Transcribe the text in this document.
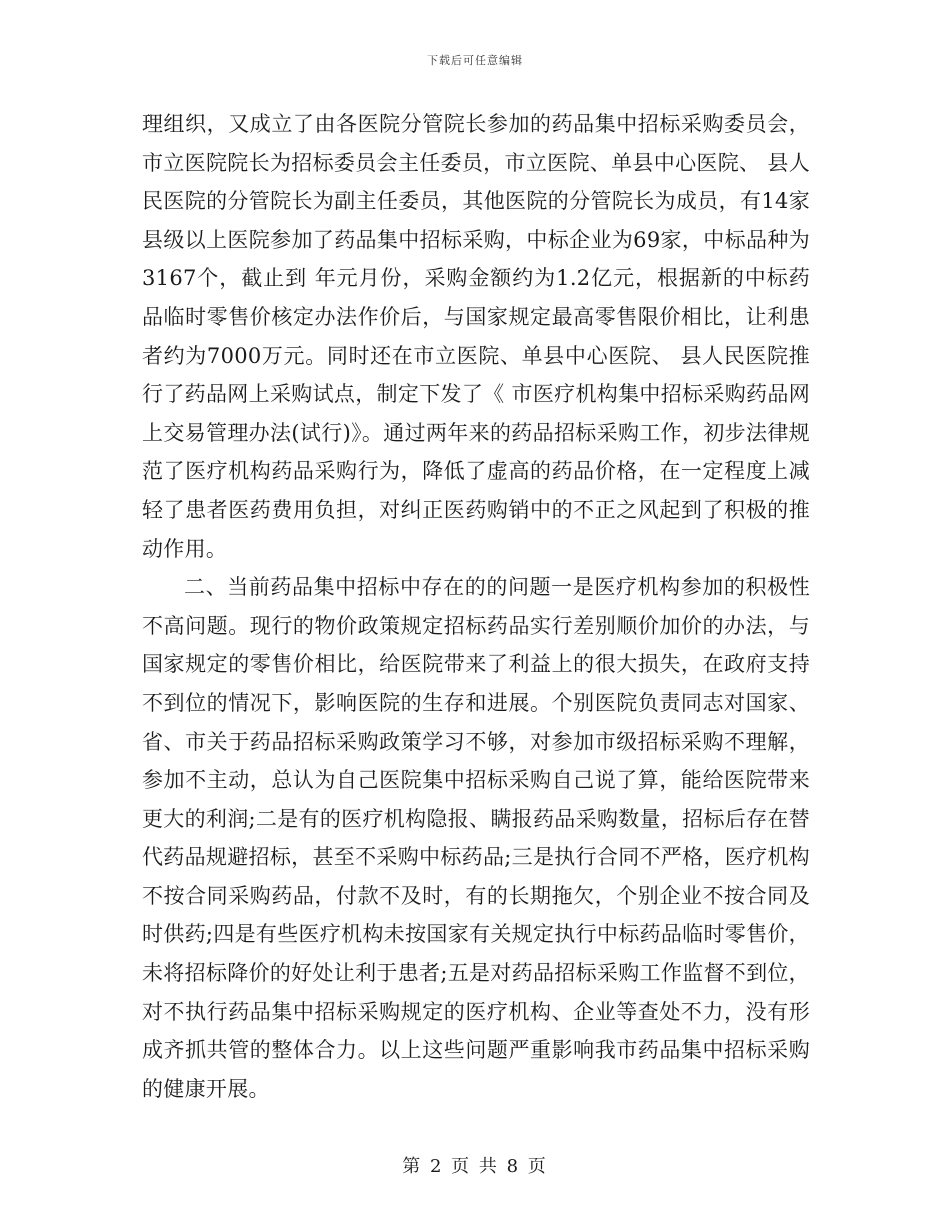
下载后可任意编辑

理组织，又成立了由各医院分管院长参加的药品集中招标采购委员会，市立医院院长为招标委员会主任委员，市立医院、单县中心医院、 县人民医院的分管院长为副主任委员，其他医院的分管院长为成员，有14家县级以上医院参加了药品集中招标采购，中标企业为69家，中标品种为3167个，截止到 年元月份，采购金额约为1.2亿元，根据新的中标药品临时零售价核定办法作价后，与国家规定最高零售限价相比，让利患者约为7000万元。同时还在市立医院、单县中心医院、 县人民医院推行了药品网上采购试点，制定下发了《 市医疗机构集中招标采购药品网上交易管理办法(试行)》。通过两年来的药品招标采购工作，初步法律规范了医疗机构药品采购行为，降低了虚高的药品价格，在一定程度上减轻了患者医药费用负担，对纠正医药购销中的不正之风起到了积极的推动作用。

二、当前药品集中招标中存在的的问题一是医疗机构参加的积极性不高问题。现行的物价政策规定招标药品实行差别顺价加价的办法，与国家规定的零售价相比，给医院带来了利益上的很大损失，在政府支持不到位的情况下，影响医院的生存和进展。个别医院负责同志对国家、省、市关于药品招标采购政策学习不够，对参加市级招标采购不理解，参加不主动，总认为自己医院集中招标采购自己说了算，能给医院带来更大的利润;二是有的医疗机构隐报、瞒报药品采购数量，招标后存在替代药品规避招标，甚至不采购中标药品;三是执行合同不严格，医疗机构不按合同采购药品，付款不及时，有的长期拖欠，个别企业不按合同及时供药;四是有些医疗机构未按国家有关规定执行中标药品临时零售价，未将招标降价的好处让利于患者;五是对药品招标采购工作监督不到位，对不执行药品集中招标采购规定的医疗机构、企业等查处不力，没有形成齐抓共管的整体合力。以上这些问题严重影响我市药品集中招标采购的健康开展。

第 2 页 共 8 页
